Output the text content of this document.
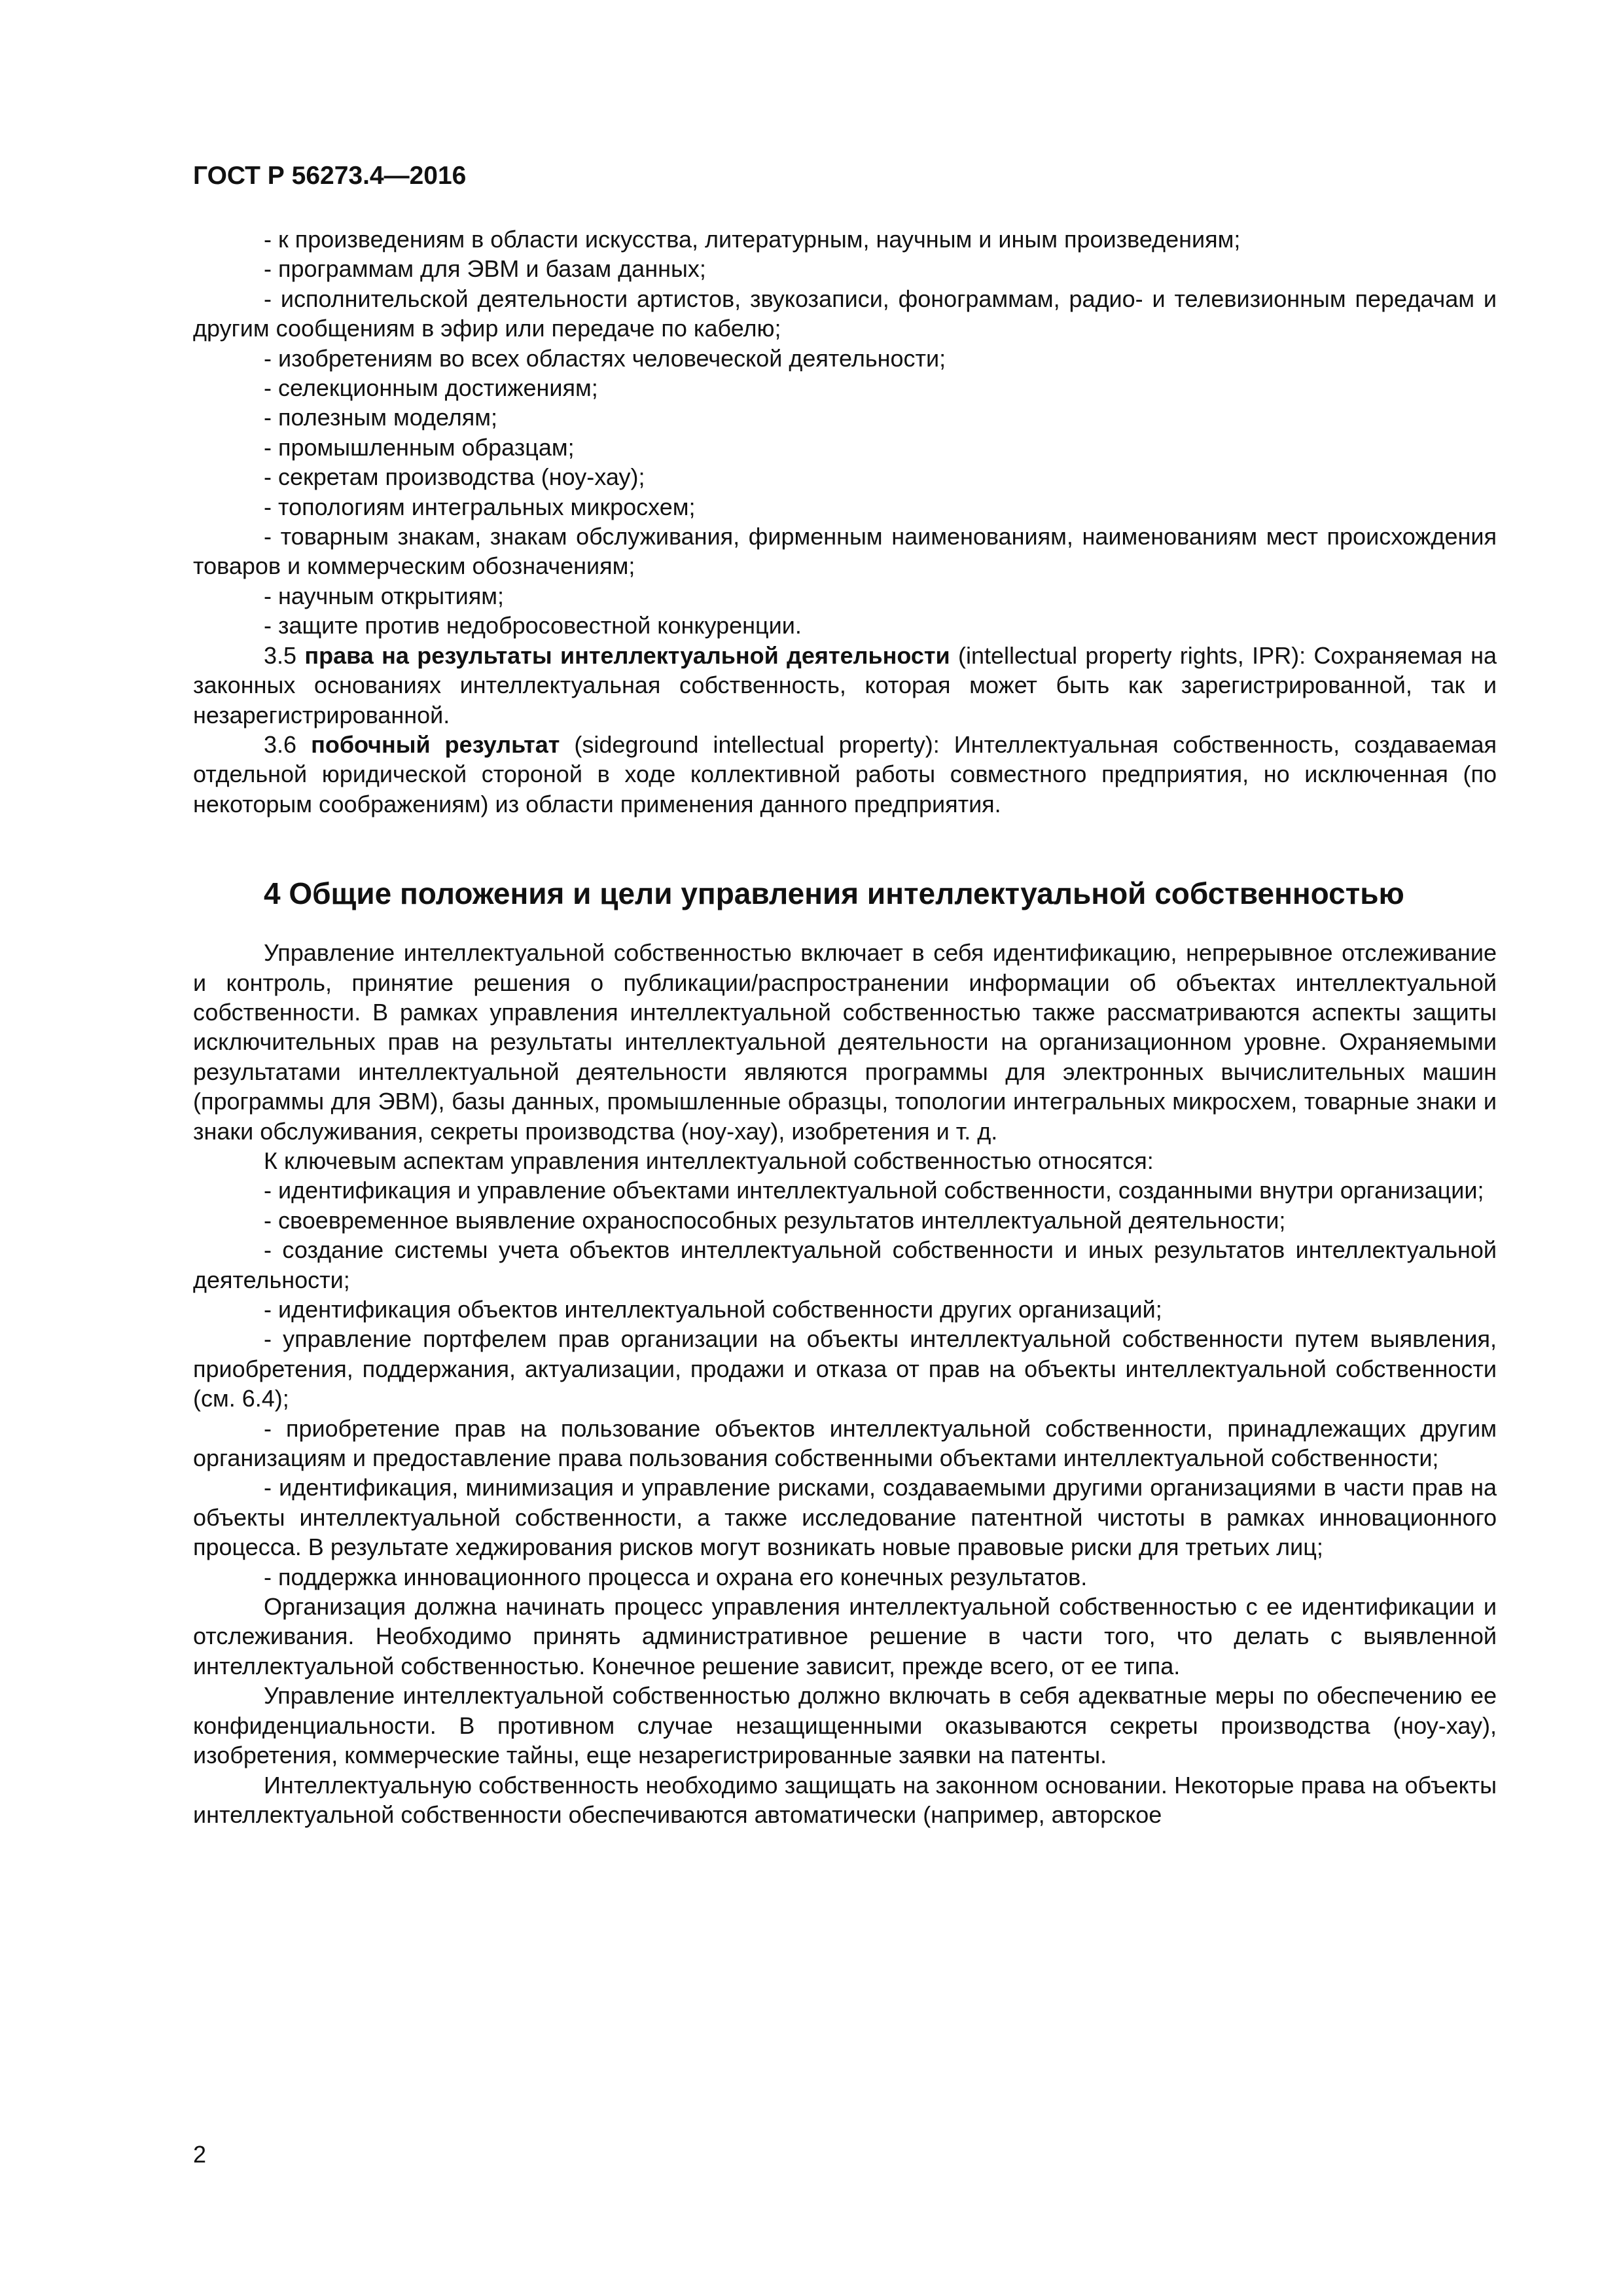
ГОСТ Р 56273.4—2016

- к произведениям в области искусства, литературным, научным и иным произведениям;

- программам для ЭВМ и базам данных;

- исполнительской деятельности артистов, звукозаписи, фонограммам, радио- и телевизионным передачам и другим сообщениям в эфир или передаче по кабелю;

- изобретениям во всех областях человеческой деятельности;

- селекционным достижениям;

- полезным моделям;

- промышленным образцам;

- секретам производства (ноу-хау);

- топологиям интегральных микросхем;

- товарным знакам, знакам обслуживания, фирменным наименованиям, наименованиям мест происхождения товаров и коммерческим обозначениям;

- научным открытиям;

- защите против недобросовестной конкуренции.

3.5 права на результаты интеллектуальной деятельности (intellectual property rights, IPR): Сохраняемая на законных основаниях интеллектуальная собственность, которая может быть как зарегистрированной, так и незарегистрированной.

3.6 побочный результат (sideground intellectual property): Интеллектуальная собственность, создаваемая отдельной юридической стороной в ходе коллективной работы совместного предприятия, но исключенная (по некоторым соображениям) из области применения данного предприятия.

4 Общие положения и цели управления интеллектуальной собственностью

Управление интеллектуальной собственностью включает в себя идентификацию, непрерывное отслеживание и контроль, принятие решения о публикации/распространении информации об объектах интеллектуальной собственности. В рамках управления интеллектуальной собственностью также рассматриваются аспекты защиты исключительных прав на результаты интеллектуальной деятельности на организационном уровне. Охраняемыми результатами интеллектуальной деятельности являются программы для электронных вычислительных машин (программы для ЭВМ), базы данных, промышленные образцы, топологии интегральных микросхем, товарные знаки и знаки обслуживания, секреты производства (ноу-хау), изобретения и т. д.

К ключевым аспектам управления интеллектуальной собственностью относятся:

- идентификация и управление объектами интеллектуальной собственности, созданными внутри организации;

- своевременное выявление охраноспособных результатов интеллектуальной деятельности;

- создание системы учета объектов интеллектуальной собственности и иных результатов интеллектуальной деятельности;

- идентификация объектов интеллектуальной собственности других организаций;

- управление портфелем прав организации на объекты интеллектуальной собственности путем выявления, приобретения, поддержания, актуализации, продажи и отказа от прав на объекты интеллектуальной собственности (см. 6.4);

- приобретение прав на пользование объектов интеллектуальной собственности, принадлежащих другим организациям и предоставление права пользования собственными объектами интеллектуальной собственности;

- идентификация, минимизация и управление рисками, создаваемыми другими организациями в части прав на объекты интеллектуальной собственности, а также исследование патентной чистоты в рамках инновационного процесса. В результате хеджирования рисков могут возникать новые правовые риски для третьих лиц;

- поддержка инновационного процесса и охрана его конечных результатов.

Организация должна начинать процесс управления интеллектуальной собственностью с ее идентификации и отслеживания. Необходимо принять административное решение в части того, что делать с выявленной интеллектуальной собственностью. Конечное решение зависит, прежде всего, от ее типа.

Управление интеллектуальной собственностью должно включать в себя адекватные меры по обеспечению ее конфиденциальности. В противном случае незащищенными оказываются секреты производства (ноу-хау), изобретения, коммерческие тайны, еще незарегистрированные заявки на патенты.

Интеллектуальную собственность необходимо защищать на законном основании. Некоторые права на объекты интеллектуальной собственности обеспечиваются автоматически (например, авторское

2
